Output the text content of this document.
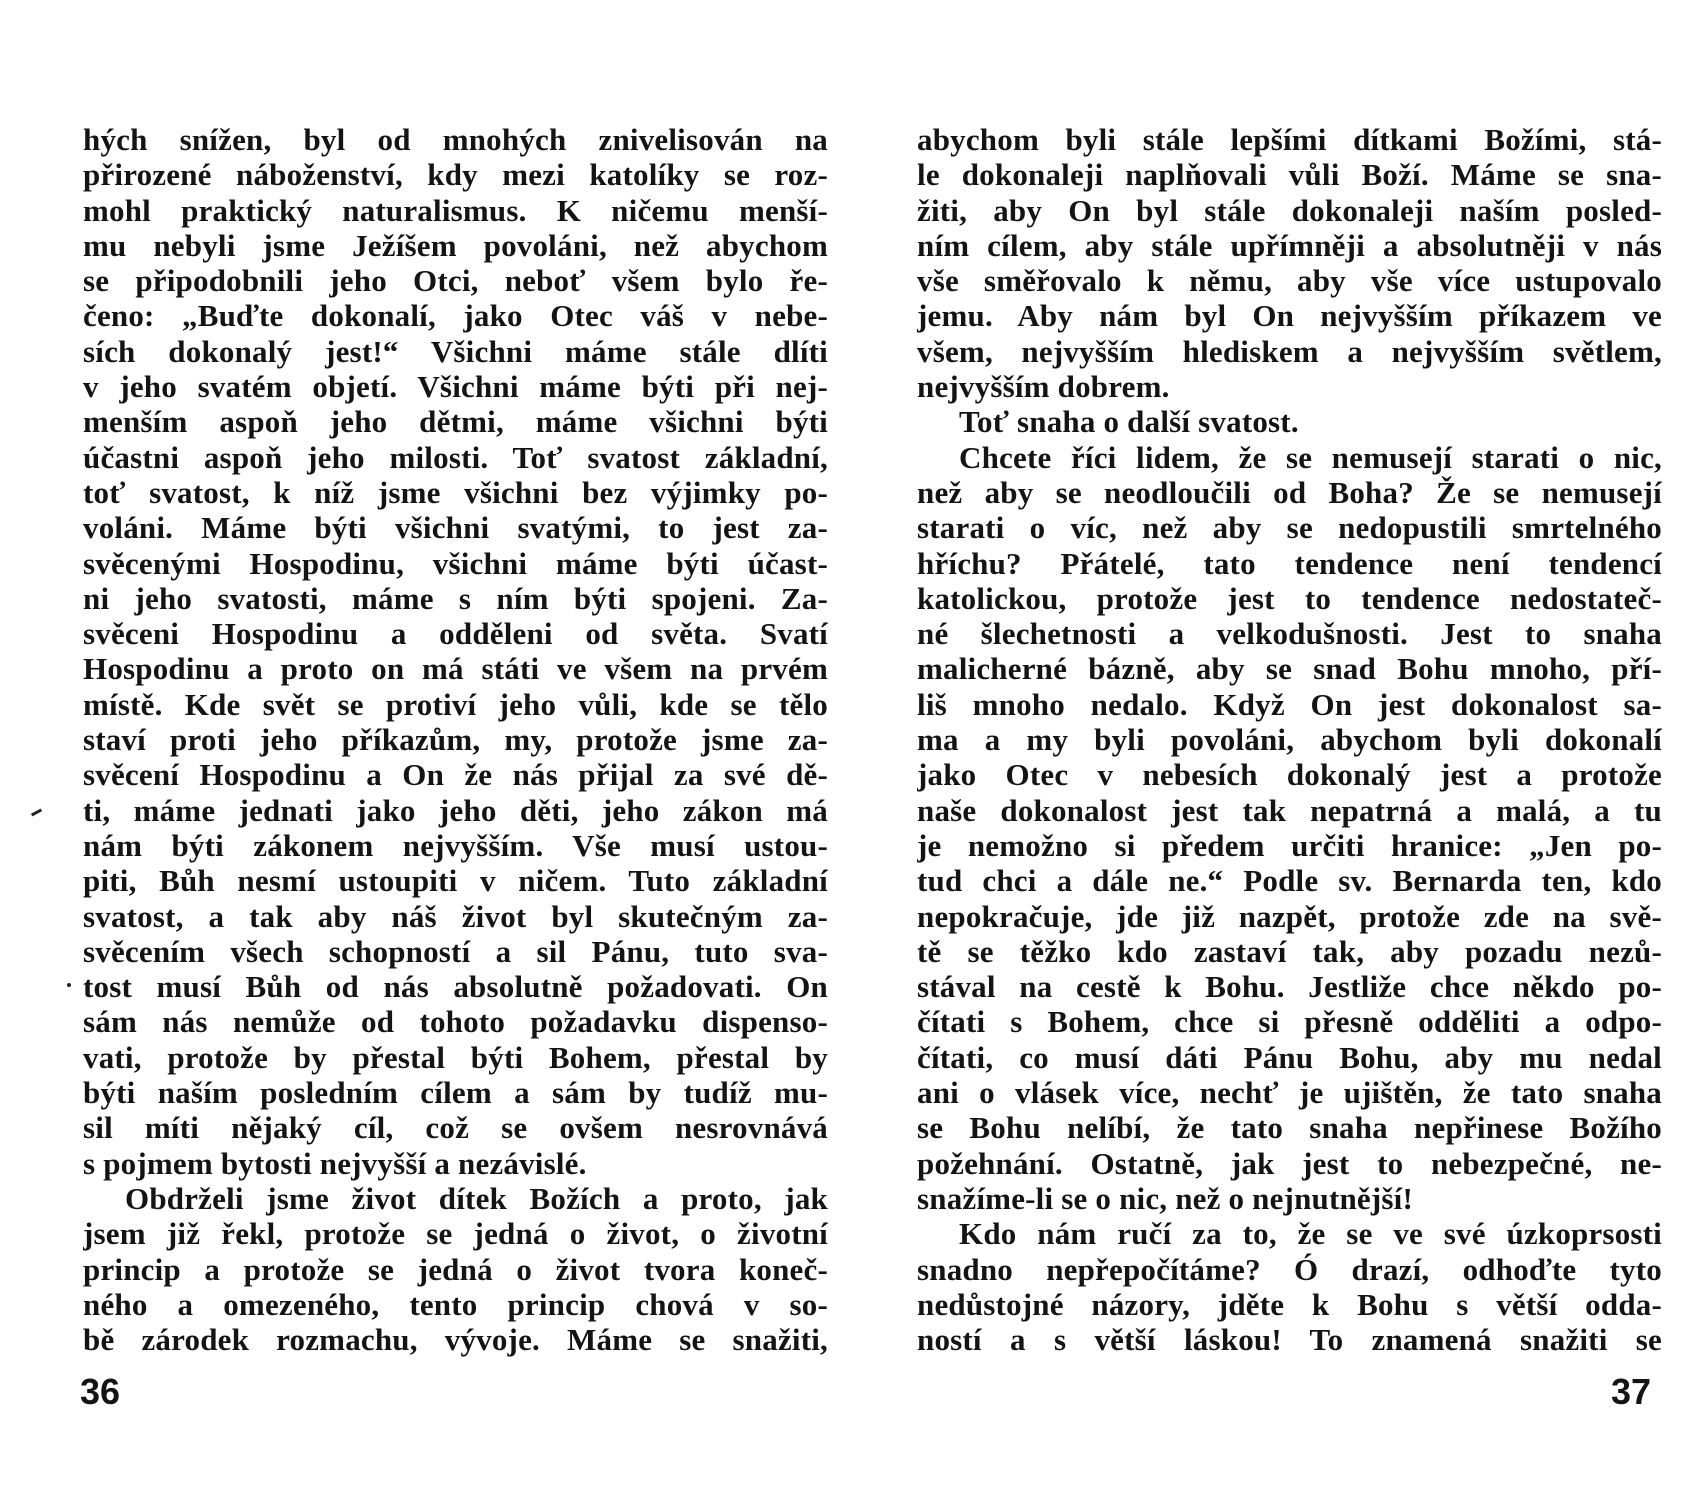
hých snížen, byl od mnohých znivelisován na
přirozené náboženství, kdy mezi katolíky se roz-
mohl praktický naturalismus. K ničemu menší-
mu nebyli jsme Ježíšem povoláni, než abychom
se připodobnili jeho Otci, neboť všem bylo ře-
čeno: „Buďte dokonalí, jako Otec váš v nebe-
sích dokonalý jest!“ Všichni máme stále dlíti
v jeho svatém objetí. Všichni máme býti při nej-
menším aspoň jeho dětmi, máme všichni býti
účastni aspoň jeho milosti. Toť svatost základní,
toť svatost, k níž jsme všichni bez výjimky po-
voláni. Máme býti všichni svatými, to jest za-
svěcenými Hospodinu, všichni máme býti účast-
ni jeho svatosti, máme s ním býti spojeni. Za-
svěceni Hospodinu a odděleni od světa. Svatí
Hospodinu a proto on má státi ve všem na prvém
místě. Kde svět se protiví jeho vůli, kde se tělo
staví proti jeho příkazům, my, protože jsme za-
svěcení Hospodinu a On že nás přijal za své dě-
ti, máme jednati jako jeho děti, jeho zákon má
nám býti zákonem nejvyšším. Vše musí ustou-
piti, Bůh nesmí ustoupiti v ničem. Tuto základní
svatost, a tak aby náš život byl skutečným za-
svěcením všech schopností a sil Pánu, tuto sva-
tost musí Bůh od nás absolutně požadovati. On
sám nás nemůže od tohoto požadavku dispenso-
vati, protože by přestal býti Bohem, přestal by
býti naším posledním cílem a sám by tudíž mu-
sil míti nějaký cíl, což se ovšem nesrovnává
s pojmem bytosti nejvyšší a nezávislé.
Obdrželi jsme život dítek Božích a proto, jak
jsem již řekl, protože se jedná o život, o životní
princip a protože se jedná o život tvora koneč-
ného a omezeného, tento princip chová v so-
bě zárodek rozmachu, vývoje. Máme se snažiti,
36
abychom byli stále lepšími dítkami Božími, stá-
le dokonaleji naplňovali vůli Boží. Máme se sna-
žiti, aby On byl stále dokonaleji naším posled-
ním cílem, aby stále upřímněji a absolutněji v nás
vše směřovalo k němu, aby vše více ustupovalo
jemu. Aby nám byl On nejvyšším příkazem ve
všem, nejvyšším hlediskem a nejvyšším světlem,
nejvyšším dobrem.
Toť snaha o další svatost.
Chcete říci lidem, že se nemusejí starati o nic,
než aby se neodloučili od Boha? Že se nemusejí
starati o víc, než aby se nedopustili smrtelného
hříchu? Přátelé, tato tendence není tendencí
katolickou, protože jest to tendence nedostateč-
né šlechetnosti a velkodušnosti. Jest to snaha
malicherné bázně, aby se snad Bohu mnoho, pří-
liš mnoho nedalo. Když On jest dokonalost sa-
ma a my byli povoláni, abychom byli dokonalí
jako Otec v nebesích dokonalý jest a protože
naše dokonalost jest tak nepatrná a malá, a tu
je nemožno si předem určiti hranice: „Jen po-
tud chci a dále ne.“ Podle sv. Bernarda ten, kdo
nepokračuje, jde již nazpět, protože zde na svě-
tě se těžko kdo zastaví tak, aby pozadu nezů-
stával na cestě k Bohu. Jestliže chce někdo po-
čítati s Bohem, chce si přesně odděliti a odpo-
čítati, co musí dáti Pánu Bohu, aby mu nedal
ani o vlásek více, nechť je ujištěn, že tato snaha
se Bohu nelíbí, že tato snaha nepřinese Božího
požehnání. Ostatně, jak jest to nebezpečné, ne-
snažíme-li se o nic, než o nejnutnější!
Kdo nám ručí za to, že se ve své úzkoprsosti
snadno nepřepočítáme? Ó drazí, odhoďte tyto
nedůstojné názory, jděte k Bohu s větší odda-
ností a s větší láskou! To znamená snažiti se
37
